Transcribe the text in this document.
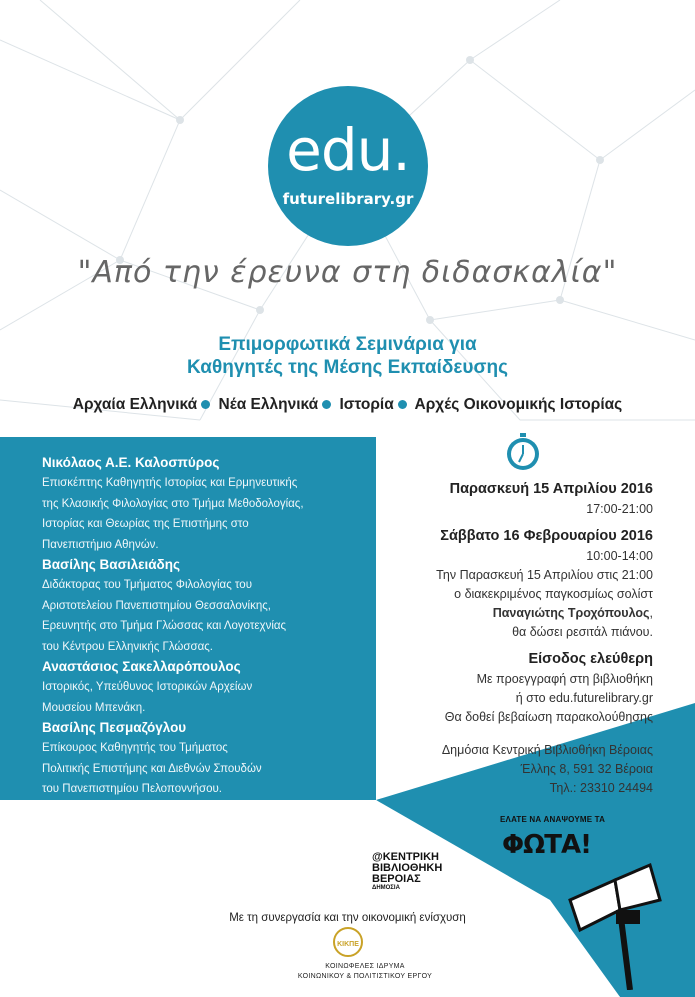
edu.
futurelibrary.gr
"Από την έρευνα στη διδασκαλία"
Επιμορφωτικά Σεμινάρια για
Καθηγητές της Μέσης Εκπαίδευσης
Αρχαία Ελληνικά Νέα Ελληνικά Ιστορία Αρχές Οικονομικής Ιστορίας
Νικόλαος Α.Ε. Καλοσπύρος
Επισκέπτης Καθηγητής Ιστορίας και Ερμηνευτικής
της Κλασικής Φιλολογίας στο Τμήμα Μεθοδολογίας,
Ιστορίας και Θεωρίας της Επιστήμης στο
Πανεπιστήμιο Αθηνών.
Βασίλης Βασιλειάδης
Διδάκτορας του Τμήματος Φιλολογίας του
Αριστοτελείου Πανεπιστημίου Θεσσαλονίκης,
Ερευνητής στο Τμήμα Γλώσσας και Λογοτεχνίας
του Κέντρου Ελληνικής Γλώσσας.
Αναστάσιος Σακελλαρόπουλος
Ιστορικός, Υπεύθυνος Ιστορικών Αρχείων
Μουσείου Μπενάκη.
Βασίλης Πεσμαζόγλου
Επίκουρος Καθηγητής του Τμήματος
Πολιτικής Επιστήμης και Διεθνών Σπουδών
του Πανεπιστημίου Πελοποννήσου.
Παρασκευή 15 Απριλίου 2016
17:00-21:00
Σάββατο 16 Φεβρουαρίου 2016
10:00-14:00
Την Παρασκευή 15 Απριλίου στις 21:00
ο διακεκριμένος παγκοσμίως σολίστ
Παναγιώτης Τροχόπουλος,
θα δώσει ρεσιτάλ πιάνου.
Είσοδος ελεύθερη
Με προεγγραφή στη βιβλιοθήκη
ή στο edu.futurelibrary.gr
Θα δοθεί βεβαίωση παρακολούθησης
Δημόσια Κεντρική Βιβλιοθήκη Βέροιας
Έλλης 8, 591 32 Βέροια
Τηλ.: 23310 24494
ΕΛΑΤΕ ΝΑ ΑΝΑΨΟΥΜΕ ΤΑ
ΦΩΤΑ!
Future
Library
@ΚΕΝΤΡΙΚΗ
ΒΙΒΛΙΟΘΗΚΗ
ΒΕΡΟΙΑΣ
ΔΗΜΟΣΙΑ
Με τη συνεργασία και την οικονομική ενίσχυση
ΚΙΚΠΕ
ΚΟΙΝΩΦΕΛΕΣ ΙΔΡΥΜΑ
ΚΟΙΝΩΝΙΚΟΥ & ΠΟΛΙΤΙΣΤΙΚΟΥ ΕΡΓΟΥ
